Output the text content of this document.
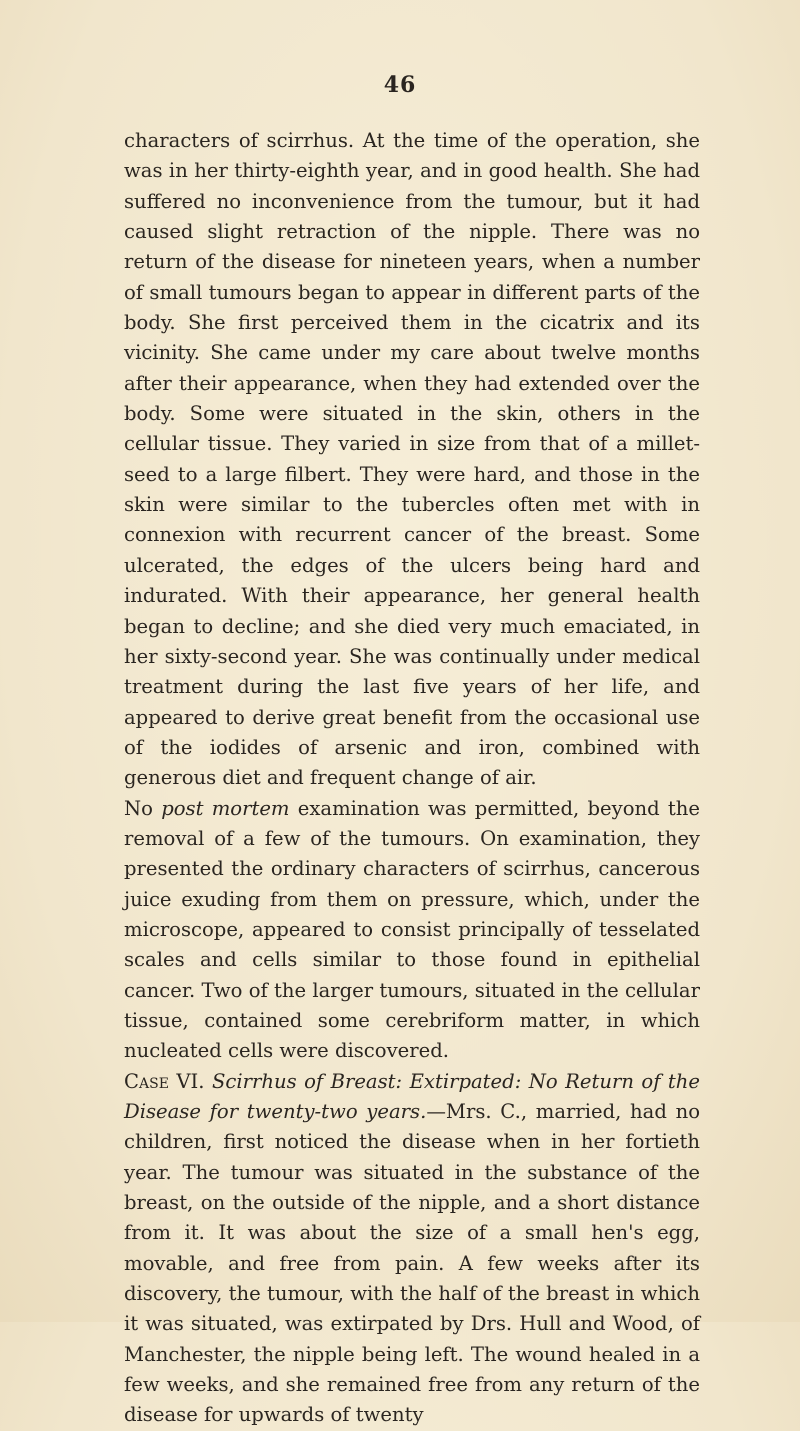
46

characters of scirrhus. At the time of the operation, she was in her thirty-eighth year, and in good health. She had suffered no inconvenience from the tumour, but it had caused slight retraction of the nipple. There was no return of the disease for nineteen years, when a number of small tumours began to appear in different parts of the body. She first perceived them in the cicatrix and its vicinity. She came under my care about twelve months after their appearance, when they had extended over the body. Some were situated in the skin, others in the cellular tissue. They varied in size from that of a millet-seed to a large filbert. They were hard, and those in the skin were similar to the tubercles often met with in connexion with recurrent cancer of the breast. Some ulcerated, the edges of the ulcers being hard and indurated. With their appearance, her general health began to decline; and she died very much emaciated, in her sixty-second year. She was continually under medical treatment during the last five years of her life, and appeared to derive great benefit from the occasional use of the iodides of arsenic and iron, combined with generous diet and frequent change of air.

No post mortem examination was permitted, beyond the removal of a few of the tumours. On examination, they presented the ordinary characters of scirrhus, cancerous juice exuding from them on pressure, which, under the microscope, appeared to consist principally of tesselated scales and cells similar to those found in epithelial cancer. Two of the larger tumours, situated in the cellular tissue, contained some cerebriform matter, in which nucleated cells were discovered.

Case VI. Scirrhus of Breast: Extirpated: No Return of the Disease for twenty-two years.—Mrs. C., married, had no children, first noticed the disease when in her fortieth year. The tumour was situated in the substance of the breast, on the outside of the nipple, and a short distance from it. It was about the size of a small hen's egg, movable, and free from pain. A few weeks after its discovery, the tumour, with the half of the breast in which it was situated, was extirpated by Drs. Hull and Wood, of Manchester, the nipple being left. The wound healed in a few weeks, and she remained free from any return of the disease for upwards of twenty
